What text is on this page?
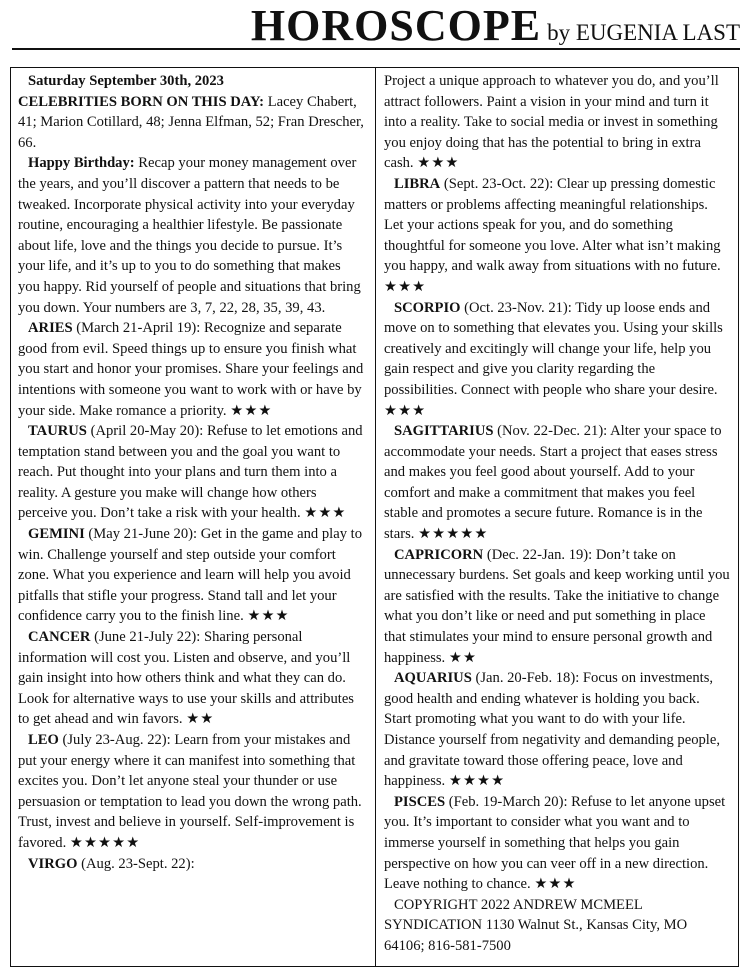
HOROSCOPE by EUGENIA LAST

Saturday September 30th, 2023

CELEBRITIES BORN ON THIS DAY: Lacey Chabert, 41; Marion Cotillard, 48; Jenna Elfman, 52; Fran Drescher, 66.

Happy Birthday: Recap your money management over the years, and you’ll discover a pattern that needs to be tweaked. Incorporate physical activity into your everyday routine, encouraging a healthier lifestyle. Be passionate about life, love and the things you decide to pursue. It’s your life, and it’s up to you to do something that makes you happy. Rid yourself of people and situations that bring you down. Your numbers are 3, 7, 22, 28, 35, 39, 43.

ARIES (March 21-April 19): Recognize and separate good from evil. Speed things up to ensure you finish what you start and honor your promises. Share your feelings and intentions with someone you want to work with or have by your side. Make romance a priority. ★★★

TAURUS (April 20-May 20): Refuse to let emotions and temptation stand between you and the goal you want to reach. Put thought into your plans and turn them into a reality. A gesture you make will change how others perceive you. Don’t take a risk with your health. ★★★

GEMINI (May 21-June 20): Get in the game and play to win. Challenge yourself and step outside your comfort zone. What you experience and learn will help you avoid pitfalls that stifle your progress. Stand tall and let your confidence carry you to the finish line. ★★★

CANCER (June 21-July 22): Sharing personal information will cost you. Listen and observe, and you’ll gain insight into how others think and what they can do. Look for alternative ways to use your skills and attributes to get ahead and win favors. ★★

LEO (July 23-Aug. 22): Learn from your mistakes and put your energy where it can manifest into something that excites you. Don’t let anyone steal your thunder or use persuasion or temptation to lead you down the wrong path. Trust, invest and believe in yourself. Self-improvement is favored. ★★★★★

VIRGO (Aug. 23-Sept. 22):

Project a unique approach to whatever you do, and you’ll attract followers. Paint a vision in your mind and turn it into a reality. Take to social media or invest in something you enjoy doing that has the potential to bring in extra cash. ★★★

LIBRA (Sept. 23-Oct. 22): Clear up pressing domestic matters or problems affecting meaningful relationships. Let your actions speak for you, and do something thoughtful for someone you love. Alter what isn’t making you happy, and walk away from situations with no future. ★★★

SCORPIO (Oct. 23-Nov. 21): Tidy up loose ends and move on to something that elevates you. Using your skills creatively and excitingly will change your life, help you gain respect and give you clarity regarding the possibilities. Connect with people who share your desire. ★★★

SAGITTARIUS (Nov. 22-Dec. 21): Alter your space to accommodate your needs. Start a project that eases stress and makes you feel good about yourself. Add to your comfort and make a commitment that makes you feel stable and promotes a secure future. Romance is in the stars. ★★★★★

CAPRICORN (Dec. 22-Jan. 19): Don’t take on unnecessary burdens. Set goals and keep working until you are satisfied with the results. Take the initiative to change what you don’t like or need and put something in place that stimulates your mind to ensure personal growth and happiness. ★★

AQUARIUS (Jan. 20-Feb. 18): Focus on investments, good health and ending whatever is holding you back. Start promoting what you want to do with your life. Distance yourself from negativity and demanding people, and gravitate toward those offering peace, love and happiness. ★★★★

PISCES (Feb. 19-March 20): Refuse to let anyone upset you. It’s important to consider what you want and to immerse yourself in something that helps you gain perspective on how you can veer off in a new direction. Leave nothing to chance. ★★★

COPYRIGHT 2022 ANDREW MCMEEL SYNDICATION 1130 Walnut St., Kansas City, MO 64106; 816-581-7500
